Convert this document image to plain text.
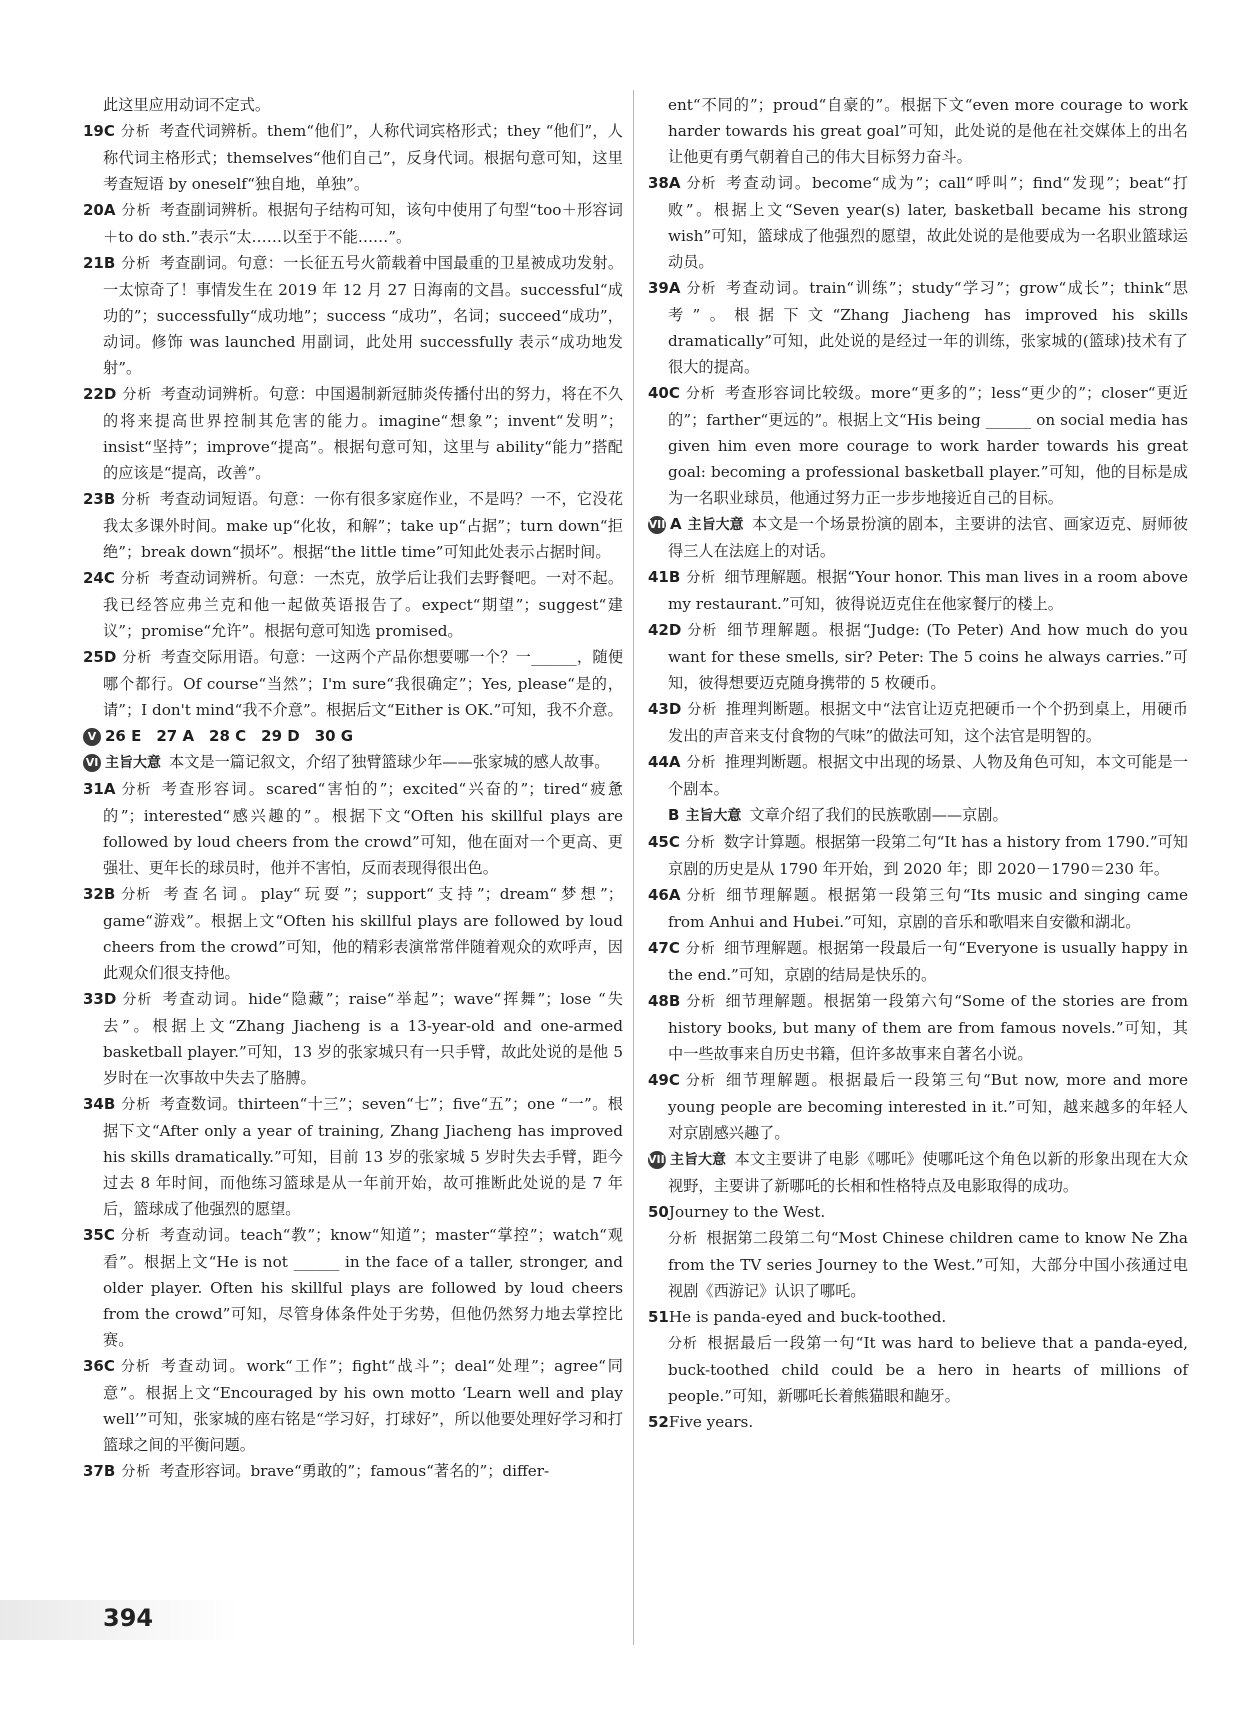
此这里应用动词不定式。

19C 分析 考查代词辨析。them“他们”，人称代词宾格形式；they “他们”，人称代词主格形式；themselves“他们自己”，反身代词。根据句意可知，这里考查短语 by oneself“独自地，单独”。

20A 分析 考查副词辨析。根据句子结构可知，该句中使用了句型“too＋形容词＋to do sth.”表示“太……以至于不能……”。

21B 分析 考查副词。句意：一长征五号火箭载着中国最重的卫星被成功发射。一太惊奇了！事情发生在 2019 年 12 月 27 日海南的文昌。successful“成功的”；successfully“成功地”；success “成功”，名词；succeed“成功”，动词。修饰 was launched 用副词，此处用 successfully 表示“成功地发射”。

22D 分析 考查动词辨析。句意：中国遏制新冠肺炎传播付出的努力，将在不久的将来提高世界控制其危害的能力。imagine“想象”；invent“发明”；insist“坚持”；improve“提高”。根据句意可知，这里与 ability“能力”搭配的应该是“提高，改善”。

23B 分析 考查动词短语。句意：一你有很多家庭作业，不是吗？一不，它没花我太多课外时间。make up“化妆，和解”；take up“占据”；turn down“拒绝”；break down“损坏”。根据“the little time”可知此处表示占据时间。

24C 分析 考查动词辨析。句意：一杰克，放学后让我们去野餐吧。一对不起。我已经答应弗兰克和他一起做英语报告了。expect“期望”；suggest“建议”；promise“允许”。根据句意可知选 promised。

25D 分析 考查交际用语。句意：一这两个产品你想要哪一个？一______，随便哪个都行。Of course“当然”；I'm sure“我很确定”；Yes, please“是的，请”；I don't mind“我不介意”。根据后文“Either is OK.”可知，我不介意。

V 26 E　27 A　28 C　29 D　30 G

VI 主旨大意 本文是一篇记叙文，介绍了独臂篮球少年——张家城的感人故事。

31A 分析 考查形容词。scared“害怕的”；excited“兴奋的”；tired“疲惫的”；interested“感兴趣的”。根据下文“Often his skillful plays are followed by loud cheers from the crowd”可知，他在面对一个更高、更强壮、更年长的球员时，他并不害怕，反而表现得很出色。

32B 分析 考查名词。play“玩耍”；support“支持”；dream“梦想”；game“游戏”。根据上文“Often his skillful plays are followed by loud cheers from the crowd”可知，他的精彩表演常常伴随着观众的欢呼声，因此观众们很支持他。

33D 分析 考查动词。hide“隐藏”；raise“举起”；wave“挥舞”；lose “失去”。根据上文“Zhang Jiacheng is a 13-year-old and one-armed basketball player.”可知，13 岁的张家城只有一只手臂，故此处说的是他 5 岁时在一次事故中失去了胳膊。

34B 分析 考查数词。thirteen“十三”；seven“七”；five“五”；one “一”。根据下文“After only a year of training, Zhang Jiacheng has improved his skills dramatically.”可知，目前 13 岁的张家城 5 岁时失去手臂，距今过去 8 年时间，而他练习篮球是从一年前开始，故可推断此处说的是 7 年后，篮球成了他强烈的愿望。

35C 分析 考查动词。teach“教”；know“知道”；master“掌控”；watch“观看”。根据上文“He is not ______ in the face of a taller, stronger, and older player. Often his skillful plays are followed by loud cheers from the crowd”可知，尽管身体条件处于劣势，但他仍然努力地去掌控比赛。

36C 分析 考查动词。work“工作”；fight“战斗”；deal“处理”；agree“同意”。根据上文“Encouraged by his own motto ‘Learn well and play well’”可知，张家城的座右铭是“学习好，打球好”，所以他要处理好学习和打篮球之间的平衡问题。

37B 分析 考查形容词。brave“勇敢的”；famous“著名的”；differ-

ent“不同的”；proud“自豪的”。根据下文“even more courage to work harder towards his great goal”可知，此处说的是他在社交媒体上的出名让他更有勇气朝着自己的伟大目标努力奋斗。

38A 分析 考查动词。become“成为”；call“呼叫”；find“发现”；beat“打败”。根据上文“Seven year(s) later, basketball became his strong wish”可知，篮球成了他强烈的愿望，故此处说的是他要成为一名职业篮球运动员。

39A 分析 考查动词。train“训练”；study“学习”；grow“成长”；think“思考”。根据下文“Zhang Jiacheng has improved his skills dramatically”可知，此处说的是经过一年的训练，张家城的(篮球)技术有了很大的提高。

40C 分析 考查形容词比较级。more“更多的”；less“更少的”；closer“更近的”；farther“更远的”。根据上文“His being ______ on social media has given him even more courage to work harder towards his great goal: becoming a professional basketball player.”可知，他的目标是成为一名职业球员，他通过努力正一步步地接近自己的目标。

VII A 主旨大意 本文是一个场景扮演的剧本，主要讲的法官、画家迈克、厨师彼得三人在法庭上的对话。

41B 分析 细节理解题。根据“Your honor. This man lives in a room above my restaurant.”可知，彼得说迈克住在他家餐厅的楼上。

42D 分析 细节理解题。根据“Judge: (To Peter) And how much do you want for these smells, sir? Peter: The 5 coins he always carries.”可知，彼得想要迈克随身携带的 5 枚硬币。

43D 分析 推理判断题。根据文中“法官让迈克把硬币一个个扔到桌上，用硬币发出的声音来支付食物的气味”的做法可知，这个法官是明智的。

44A 分析 推理判断题。根据文中出现的场景、人物及角色可知，本文可能是一个剧本。

B 主旨大意 文章介绍了我们的民族歌剧——京剧。

45C 分析 数字计算题。根据第一段第二句“It has a history from 1790.”可知京剧的历史是从 1790 年开始，到 2020 年；即 2020－1790＝230 年。

46A 分析 细节理解题。根据第一段第三句“Its music and singing came from Anhui and Hubei.”可知，京剧的音乐和歌唱来自安徽和湖北。

47C 分析 细节理解题。根据第一段最后一句“Everyone is usually happy in the end.”可知，京剧的结局是快乐的。

48B 分析 细节理解题。根据第一段第六句“Some of the stories are from history books, but many of them are from famous novels.”可知，其中一些故事来自历史书籍，但许多故事来自著名小说。

49C 分析 细节理解题。根据最后一段第三句“But now, more and more young people are becoming interested in it.”可知，越来越多的年轻人对京剧感兴趣了。

VIII主旨大意 本文主要讲了电影《哪吒》使哪吒这个角色以新的形象出现在大众视野，主要讲了新哪吒的长相和性格特点及电影取得的成功。

50Journey to the West.

分析 根据第二段第二句“Most Chinese children came to know Ne Zha from the TV series Journey to the West.”可知，大部分中国小孩通过电视剧《西游记》认识了哪吒。

51He is panda-eyed and buck-toothed.

分析 根据最后一段第一句“It was hard to believe that a panda-eyed, buck-toothed child could be a hero in hearts of millions of people.”可知，新哪吒长着熊猫眼和龅牙。

52Five years.

394
